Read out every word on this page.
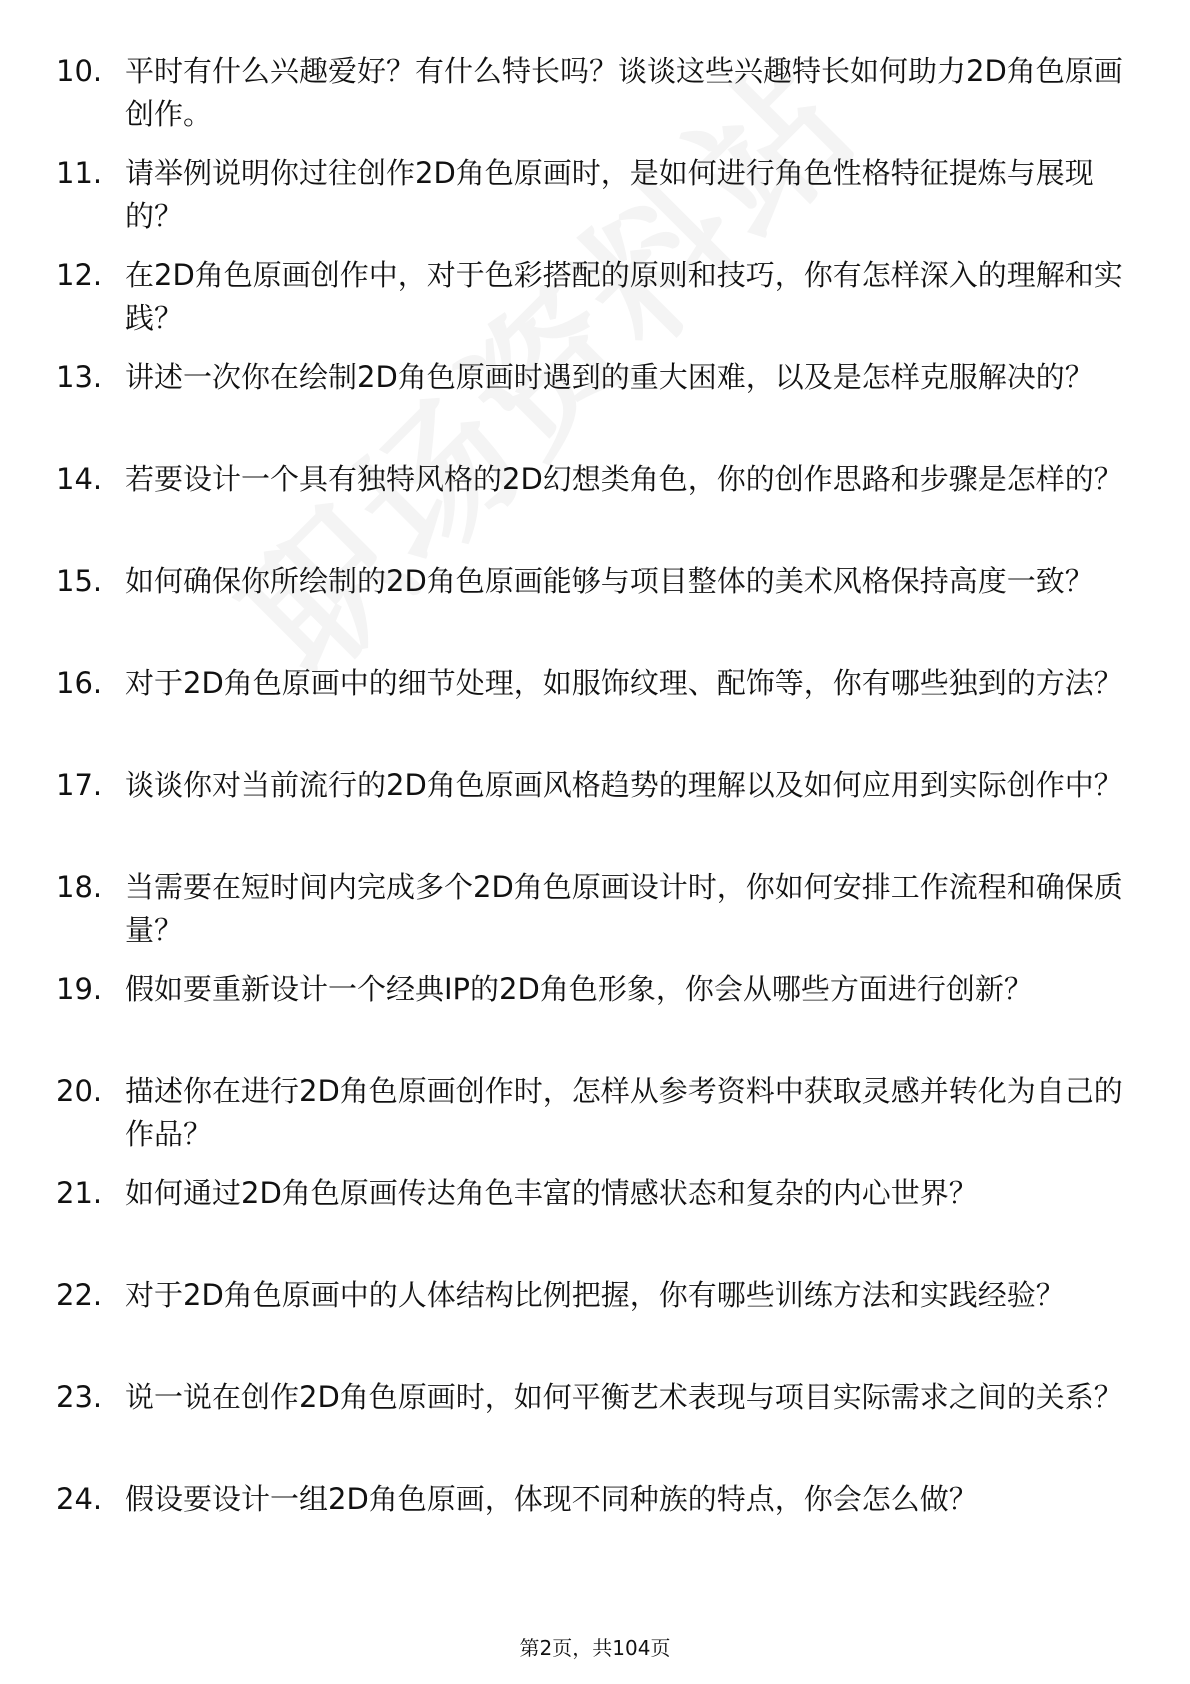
10. 平时有什么兴趣爱好？有什么特长吗？谈谈这些兴趣特长如何助力2D角色原画创作。
11. 请举例说明你过往创作2D角色原画时，是如何进行角色性格特征提炼与展现的？
12. 在2D角色原画创作中，对于色彩搭配的原则和技巧，你有怎样深入的理解和实践？
13. 讲述一次你在绘制2D角色原画时遇到的重大困难，以及是怎样克服解决的？
14. 若要设计一个具有独特风格的2D幻想类角色，你的创作思路和步骤是怎样的？
15. 如何确保你所绘制的2D角色原画能够与项目整体的美术风格保持高度一致？
16. 对于2D角色原画中的细节处理，如服饰纹理、配饰等，你有哪些独到的方法？
17. 谈谈你对当前流行的2D角色原画风格趋势的理解以及如何应用到实际创作中？
18. 当需要在短时间内完成多个2D角色原画设计时，你如何安排工作流程和确保质量？
19. 假如要重新设计一个经典IP的2D角色形象，你会从哪些方面进行创新？
20. 描述你在进行2D角色原画创作时，怎样从参考资料中获取灵感并转化为自己的作品？
21. 如何通过2D角色原画传达角色丰富的情感状态和复杂的内心世界？
22. 对于2D角色原画中的人体结构比例把握，你有哪些训练方法和实践经验？
23. 说一说在创作2D角色原画时，如何平衡艺术表现与项目实际需求之间的关系？
24. 假设要设计一组2D角色原画，体现不同种族的特点，你会怎么做？
第2页，共104页
